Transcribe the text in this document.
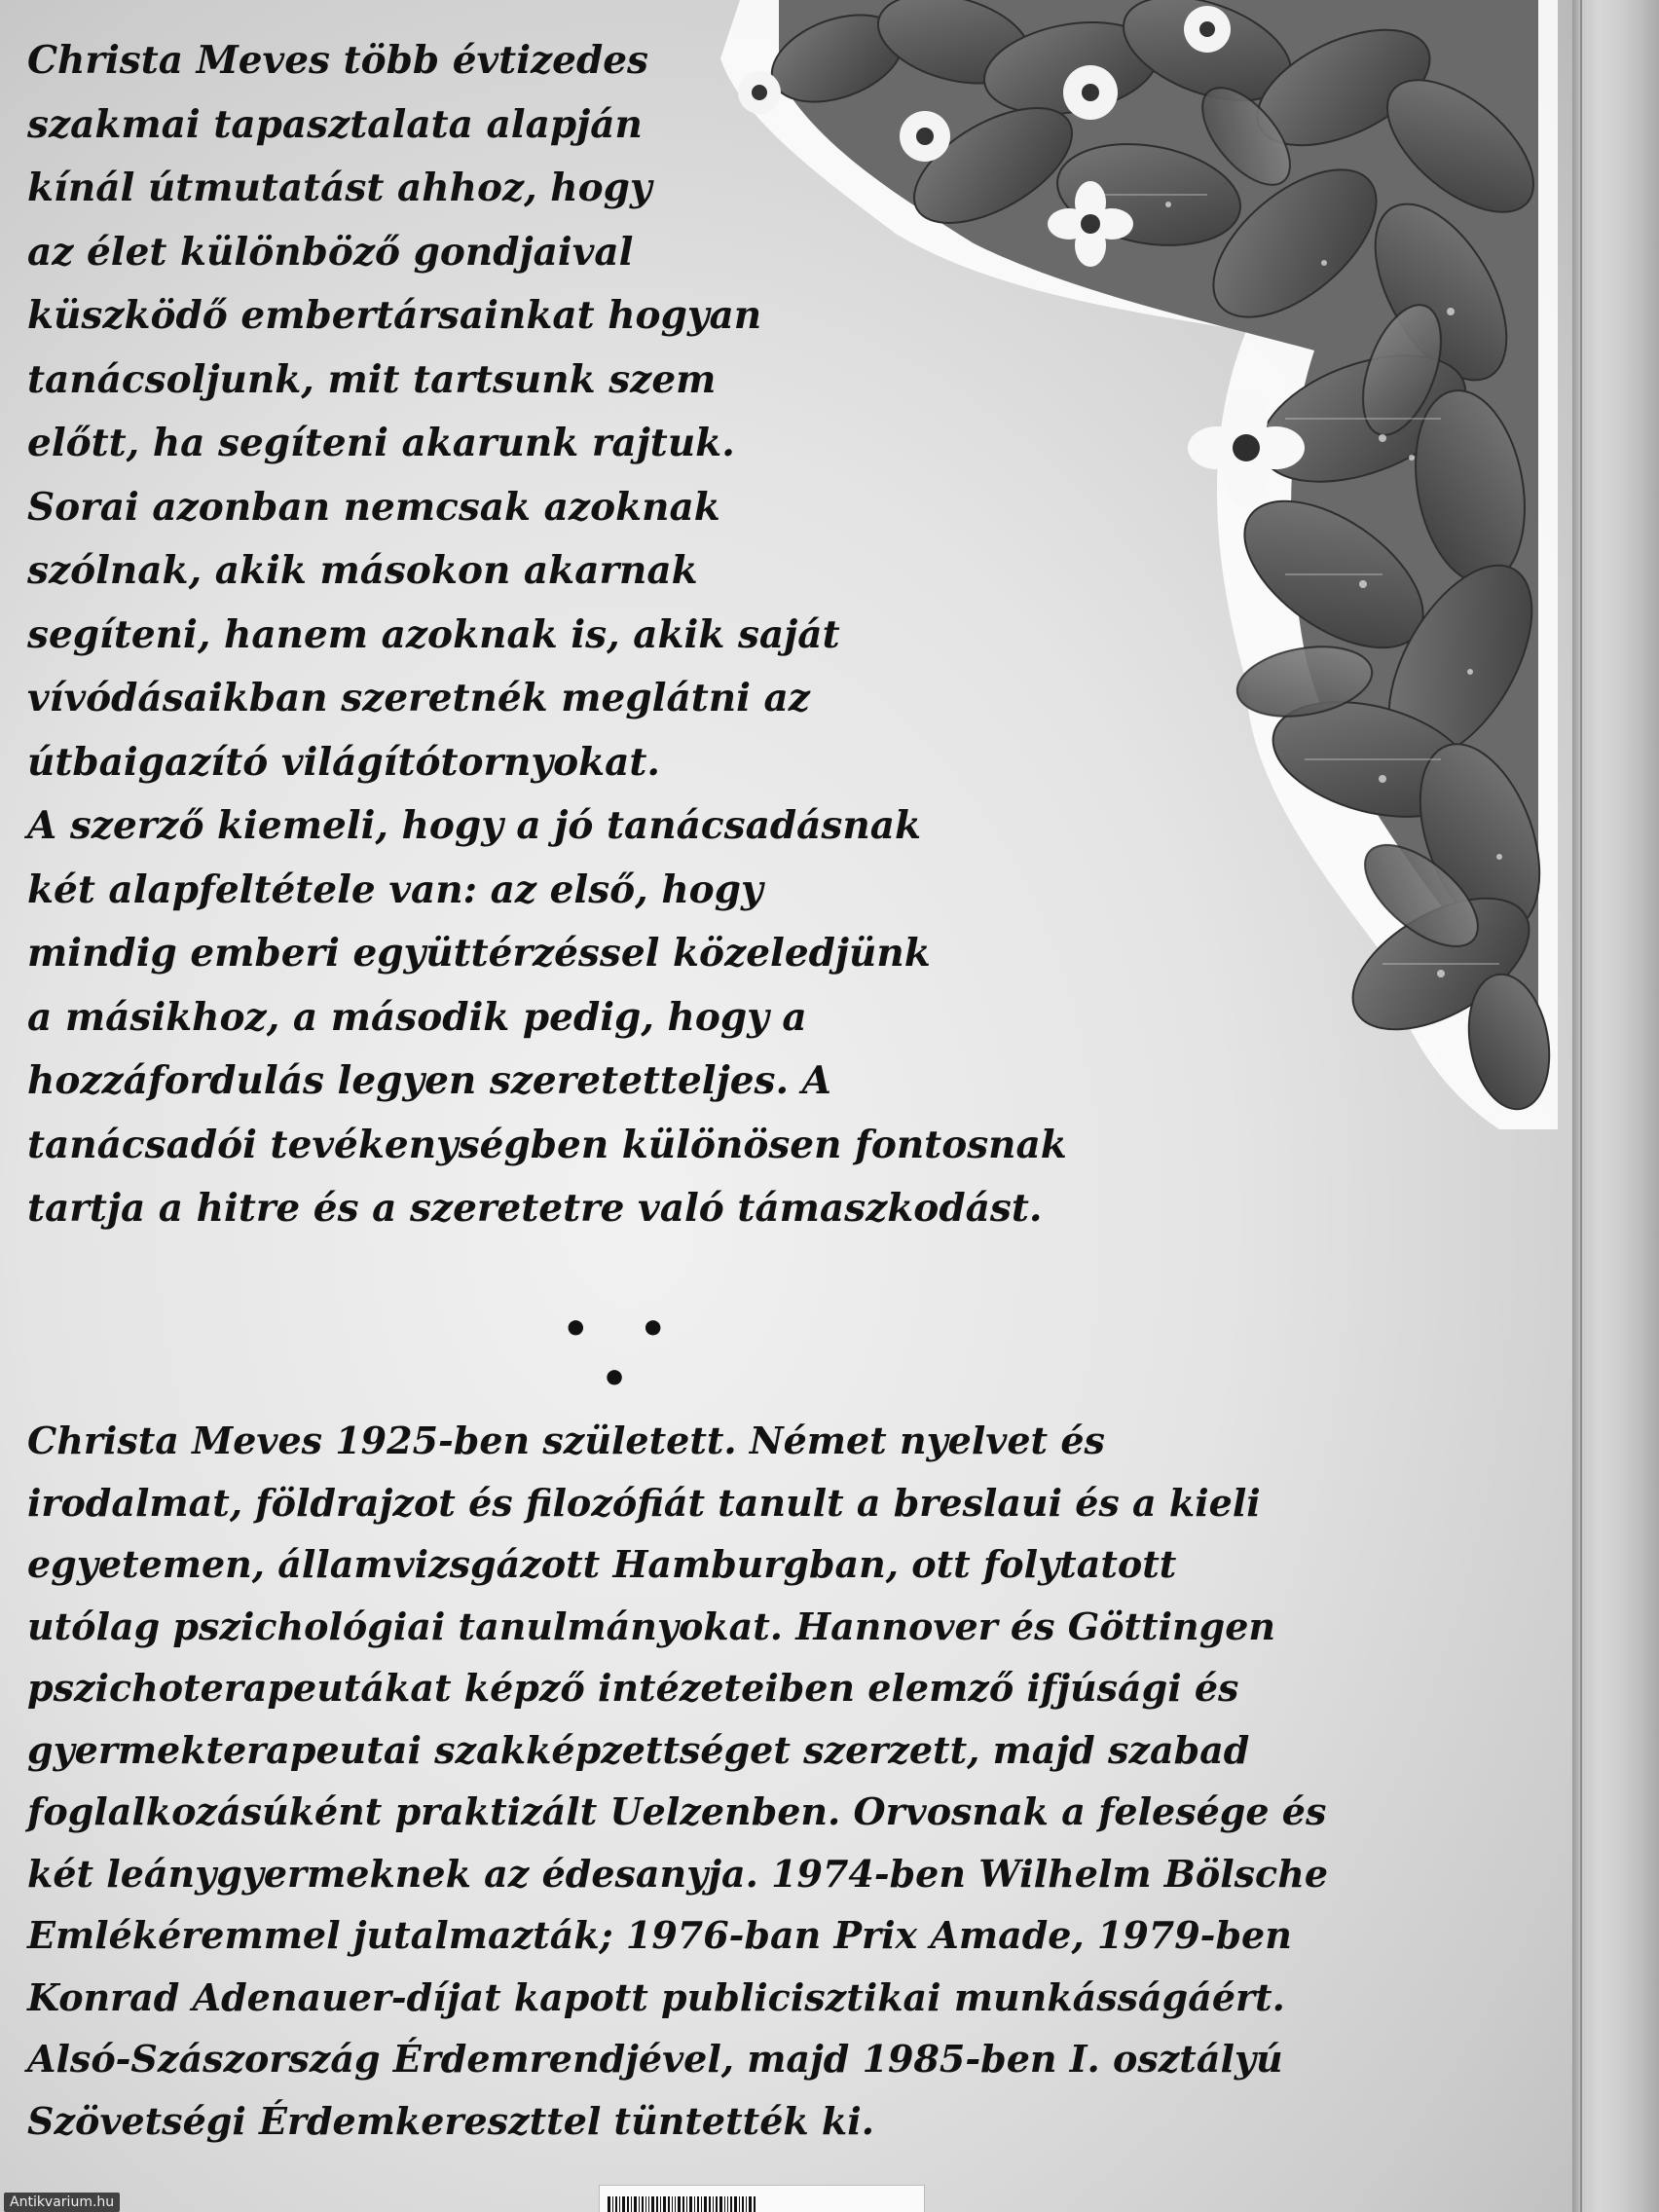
Christa Meves több évtizedes
szakmai tapasztalata alapján
kínál útmutatást ahhoz, hogy
az élet különböző gondjaival
küszködő embertársainkat hogyan
tanácsoljunk, mit tartsunk szem
előtt, ha segíteni akarunk rajtuk.
Sorai azonban nemcsak azoknak
szólnak, akik másokon akarnak
segíteni, hanem azoknak is, akik saját
vívódásaikban szeretnék meglátni az
útbaigazító világítótornyokat.
A szerző kiemeli, hogy a jó tanácsadásnak
két alapfeltétele van: az első, hogy
mindig emberi együttérzéssel közeledjünk
a másikhoz, a második pedig, hogy a
hozzáfordulás legyen szeretetteljes. A
tanácsadói tevékenységben különösen fontosnak
tartja a hitre és a szeretetre való támaszkodást.
• • •
Christa Meves 1925-ben született. Német nyelvet és
irodalmat, földrajzot és filozófiát tanult a breslaui és a kieli
egyetemen, államvizsgázott Hamburgban, ott folytatott
utólag pszichológiai tanulmányokat. Hannover és Göttingen
pszichoterapeutákat képző intézeteiben elemző ifjúsági és
gyermekterapeutai szakképzettséget szerzett, majd szabad
foglalkozásúként praktizált Uelzenben. Orvosnak a felesége és
két leánygyermeknek az édesanyja. 1974-ben Wilhelm Bölsche
Emlékéremmel jutalmazták; 1976-ban Prix Amade, 1979-ben
Konrad Adenauer-díjat kapott publicisztikai munkásságáért.
Alsó-Szászország Érdemrendjével, majd 1985-ben I. osztályú
Szövetségi Érdemkereszttel tüntették ki.
Antikvarium.hu
